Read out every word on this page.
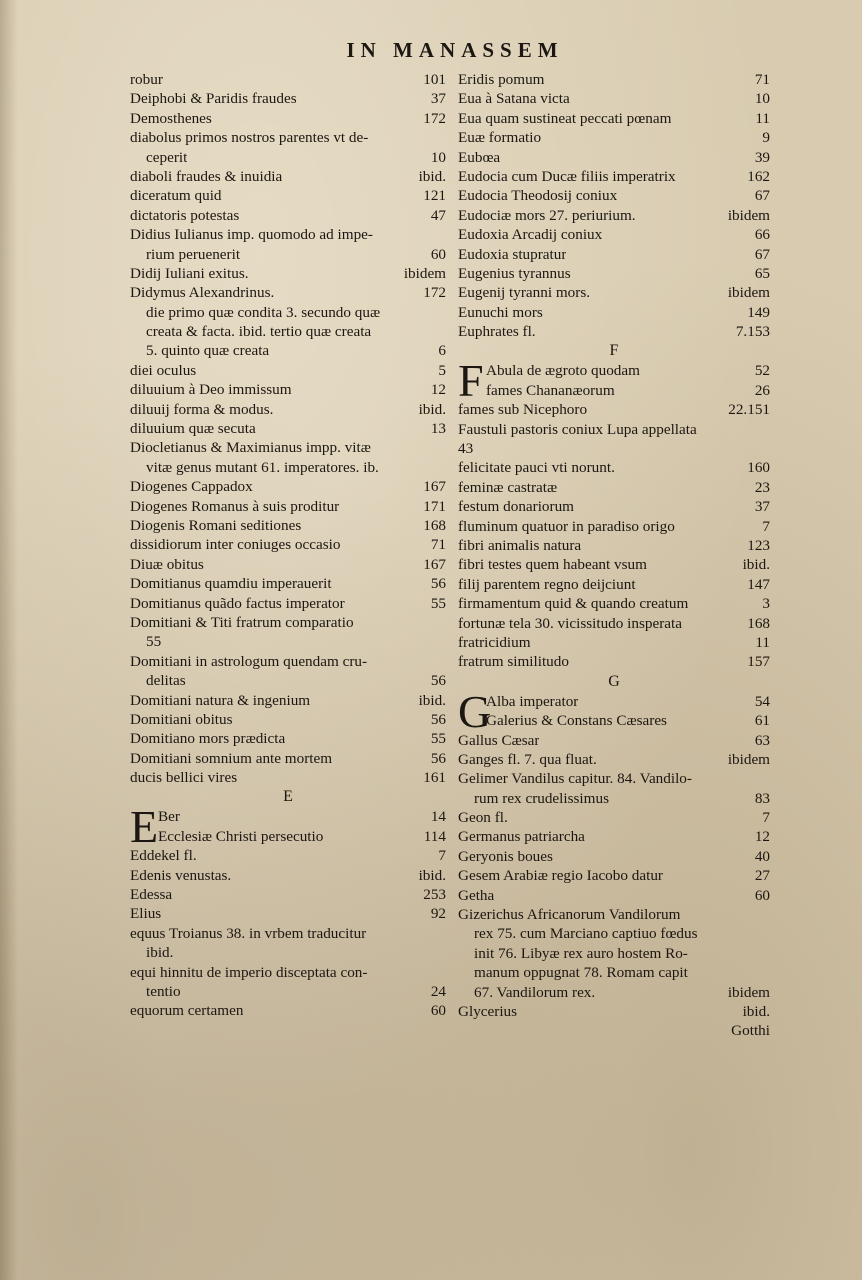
IN MANASSEM
robur	101
Deiphobi & Paridis fraudes	37
Demosthenes	172
diabolus primos nostros parentes vt de-
ceperit	10
diaboli fraudes & inuidia	ibid.
diceratum quid	121
dictatoris potestas	47
Didius Iulianus imp. quomodo ad impe-
rium peruenerit	60
Didij Iuliani exitus.	ibidem
Didymus Alexandrinus.	172
die primo quæ condita 3. secundo quæ
creata & facta. ibid. tertio quæ creata
5. quinto quæ creata	6
diei oculus	5
diluuium à Deo immissum	12
diluuij forma & modus.	ibid.
diluuium quæ secuta	13
Diocletianus & Maximianus impp. vitæ
vitæ genus mutant 61. imperatores. ib.
Diogenes Cappadox	167
Diogenes Romanus à suis proditur	171
Diogenis Romani seditiones	168
dissidiorum inter coniuges occasio	71
Diuæ obitus	167
Domitianus quamdiu imperauerit	56
Domitianus quãdo factus imperator	55
Domitiani & Titi fratrum comparatio
55
Domitiani in astrologum quendam cru-
delitas	56
Domitiani natura & ingenium	ibid.
Domitiani obitus	56
Domitiano mors prædicta	55
Domitiani somnium ante mortem	56
ducis bellici vires	161
E
E Ber	14
Ecclesiæ Christi persecutio	114
Eddekel fl.	7
Edenis venustas.	ibid.
Edessa	253
Elius	92
equus Troianus 38. in vrbem traducitur
ibid.
equi hinnitu de imperio disceptata con-
tentio	24
equorum certamen	60
Eridis pomum	71
Eua à Satana victa	10
Eua quam sustineat peccati pœnam	11
Euæ formatio	9
Eubœa	39
Eudocia cum Ducæ filiis imperatrix	162
Eudocia Theodosij coniux	67
Eudociæ mors 27. periurium.	ibidem
Eudoxia Arcadij coniux	66
Eudoxia stupratur	67
Eugenius tyrannus	65
Eugenij tyranni mors.	ibidem
Eunuchi mors	149
Euphrates fl.	7.153
F
F Abula de ægroto quodam	52
fames Chananæorum	26
fames sub Nicephoro	22.151
Faustuli pastoris coniux Lupa appellata
43
felicitate pauci vti norunt.	160
feminæ castratæ	23
festum donariorum	37
fluminum quatuor in paradiso origo	7
fibri animalis natura	123
fibri testes quem habeant vsum	ibid.
filij parentem regno deijciunt	147
firmamentum quid & quando creatum	3
fortunæ tela 30. vicissitudo insperata	168
fratricidium	11
fratrum similitudo	157
G
G
Alba imperator	54
Galerius & Constans Cæsares	61
Gallus Cæsar	63
Ganges fl. 7. qua fluat.	ibidem
Gelimer Vandilus capitur. 84. Vandilo-
rum rex crudelissimus	83
Geon fl.	7
Germanus patriarcha	12
Geryonis boues	40
Gesem Arabiæ regio Iacobo datur	27
Getha	60
Gizerichus Africanorum Vandilorum
rex 75. cum Marciano captiuo fœdus
init 76. Libyæ rex auro hostem Ro-
manum oppugnat 78. Romam capit
67. Vandilorum rex.	ibidem
Glycerius	ibid.
Gotthi
